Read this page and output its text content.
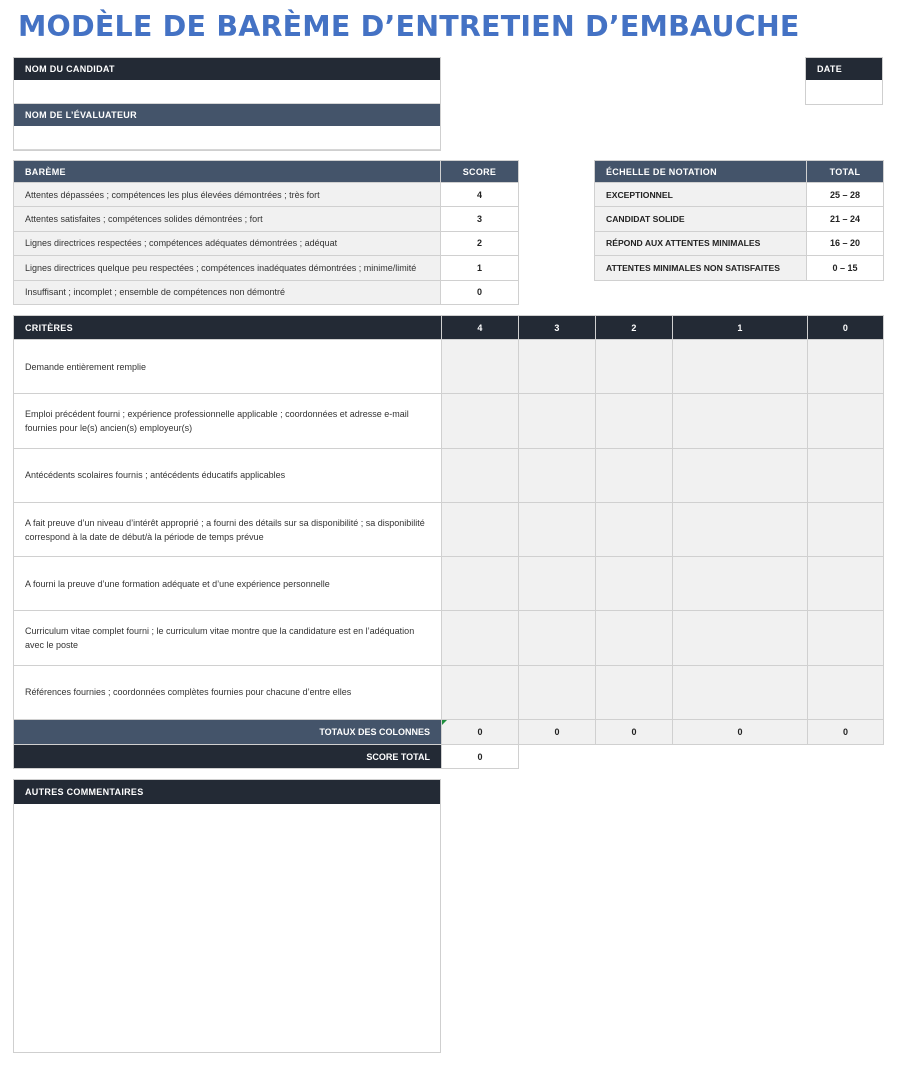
MODÈLE DE BARÈME D’ENTRETIEN D’EMBAUCHE
NOM DU CANDIDAT
NOM DE L’ÉVALUATEUR
DATE
BARÈME	SCORE
Attentes dépassées ; compétences les plus élevées démontrées ; très fort	4
Attentes satisfaites ; compétences solides démontrées ; fort	3
Lignes directrices respectées ; compétences adéquates démontrées ; adéquat	2
Lignes directrices quelque peu respectées ; compétences inadéquates démontrées ; minime/limité	1
Insuffisant ; incomplet ; ensemble de compétences non démontré	0
ÉCHELLE DE NOTATION	TOTAL
EXCEPTIONNEL	25 – 28
CANDIDAT SOLIDE	21 – 24
RÉPOND AUX ATTENTES MINIMALES	16 – 20
ATTENTES MINIMALES NON SATISFAITES	0 – 15
CRITÈRES	4	3	2	1	0
Demande entièrement remplie					
Emploi précédent fourni ; expérience professionnelle applicable ; coordonnées et adresse e-mail fournies pour le(s) ancien(s) employeur(s)					
Antécédents scolaires fournis ; antécédents éducatifs applicables					
A fait preuve d’un niveau d’intérêt approprié ; a fourni des détails sur sa disponibilité ; sa disponibilité correspond à la date de début/à la période de temps prévue					
A fourni la preuve d’une formation adéquate et d’une expérience personnelle					
Curriculum vitae complet fourni ; le curriculum vitae montre que la candidature est en l’adéquation avec le poste					
Références fournies ; coordonnées complètes fournies pour chacune d’entre elles					
TOTAUX DES COLONNES	0	0	0	0	0
SCORE TOTAL	0				
AUTRES COMMENTAIRES
